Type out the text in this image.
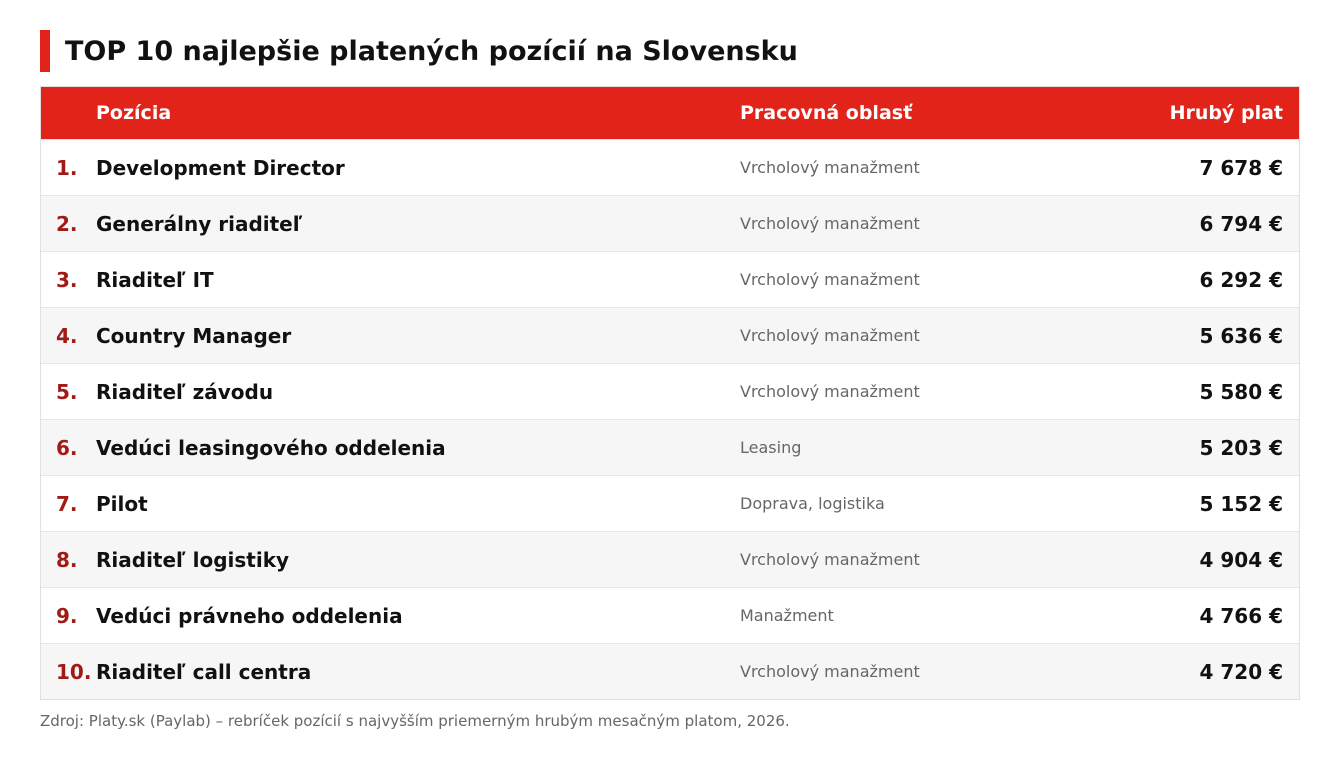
TOP 10 najlepšie platených pozícií na Slovensku
Pozícia	Pracovná oblasť	Hrubý plat
1. Development Director	Vrcholový manažment	7 678 €
2. Generálny riaditeľ	Vrcholový manažment	6 794 €
3. Riaditeľ IT	Vrcholový manažment	6 292 €
4. Country Manager	Vrcholový manažment	5 636 €
5. Riaditeľ závodu	Vrcholový manažment	5 580 €
6. Vedúci leasingového oddelenia	Leasing	5 203 €
7. Pilot	Doprava, logistika	5 152 €
8. Riaditeľ logistiky	Vrcholový manažment	4 904 €
9. Vedúci právneho oddelenia	Manažment	4 766 €
10. Riaditeľ call centra	Vrcholový manažment	4 720 €
Zdroj: Platy.sk (Paylab) – rebríček pozícií s najvyšším priemerným hrubým mesačným platom, 2026.
